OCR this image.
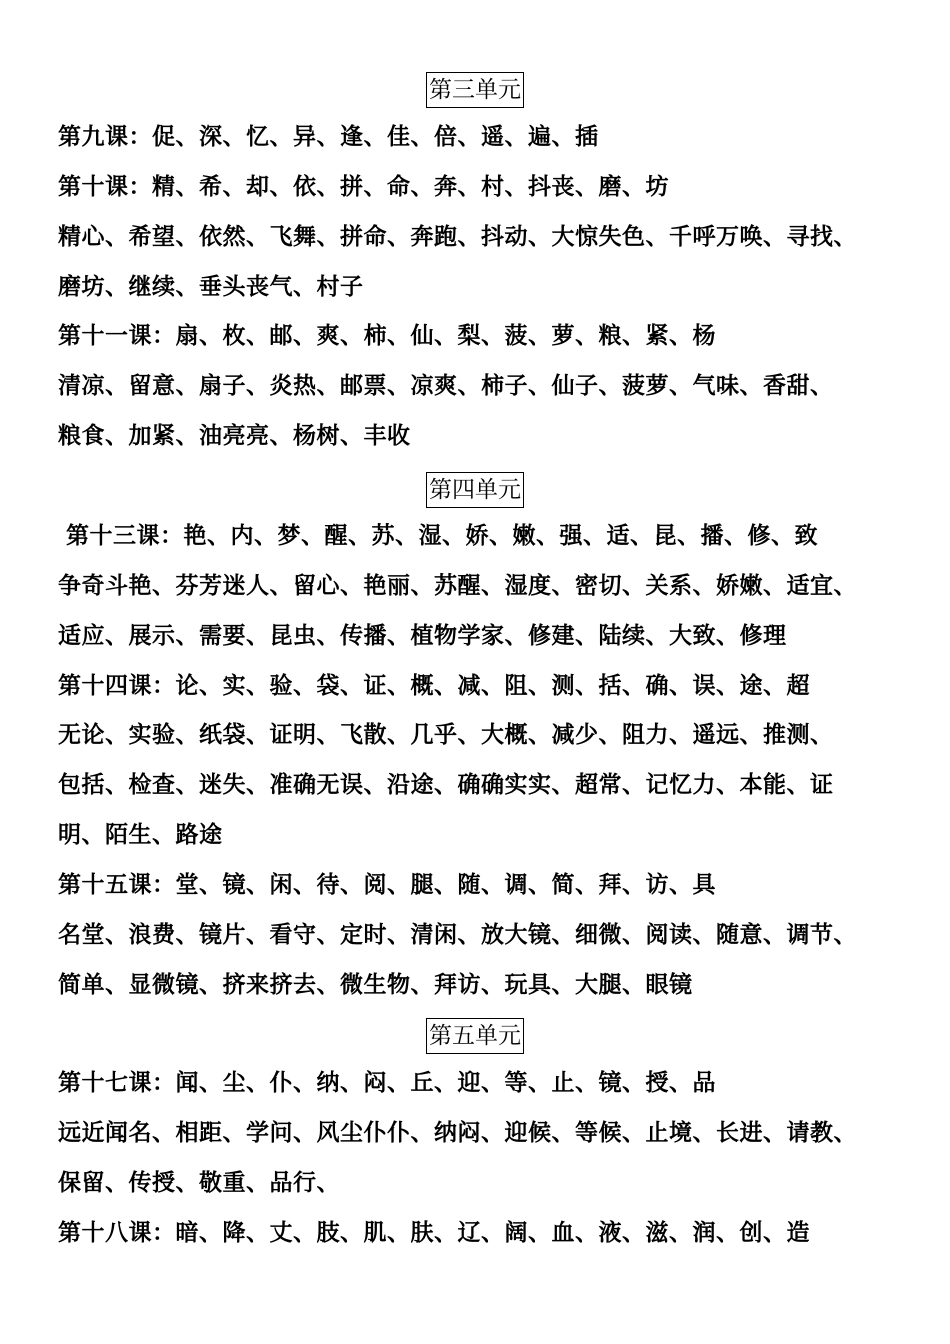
第三单元
第九课：促、深、忆、异、逢、佳、倍、遥、遍、插
第十课：精、希、却、依、拼、命、奔、村、抖丧、磨、坊
精心、希望、依然、飞舞、拼命、奔跑、抖动、大惊失色、千呼万唤、寻找、
磨坊、继续、垂头丧气、村子
第十一课：扇、枚、邮、爽、柿、仙、梨、菠、萝、粮、紧、杨
清凉、留意、扇子、炎热、邮票、凉爽、柿子、仙子、菠萝、气味、香甜、
粮食、加紧、油亮亮、杨树、丰收
第四单元
第十三课：艳、内、梦、醒、苏、湿、娇、嫩、强、适、昆、播、修、致
争奇斗艳、芬芳迷人、留心、艳丽、苏醒、湿度、密切、关系、娇嫩、适宜、
适应、展示、需要、昆虫、传播、植物学家、修建、陆续、大致、修理
第十四课：论、实、验、袋、证、概、减、阻、测、括、确、误、途、超
无论、实验、纸袋、证明、飞散、几乎、大概、减少、阻力、遥远、推测、
包括、检查、迷失、准确无误、沿途、确确实实、超常、记忆力、本能、证
明、陌生、路途
第十五课：堂、镜、闲、待、阅、腿、随、调、简、拜、访、具
名堂、浪费、镜片、看守、定时、清闲、放大镜、细微、阅读、随意、调节、
简单、显微镜、挤来挤去、微生物、拜访、玩具、大腿、眼镜
第五单元
第十七课：闻、尘、仆、纳、闷、丘、迎、等、止、镜、授、品
远近闻名、相距、学问、风尘仆仆、纳闷、迎候、等候、止境、长进、请教、
保留、传授、敬重、品行、
第十八课：暗、降、丈、肢、肌、肤、辽、阔、血、液、滋、润、创、造
